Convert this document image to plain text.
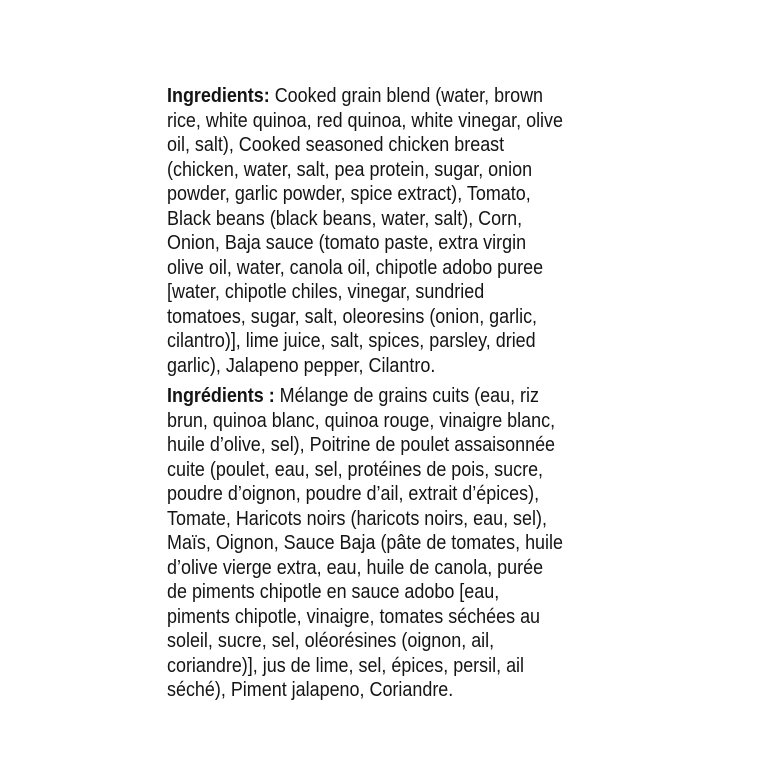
Ingredients: Cooked grain blend (water, brown rice, white quinoa, red quinoa, white vinegar, olive oil, salt), Cooked seasoned chicken breast (chicken, water, salt, pea protein, sugar, onion powder, garlic powder, spice extract), Tomato, Black beans (black beans, water, salt), Corn, Onion, Baja sauce (tomato paste, extra virgin olive oil, water, canola oil, chipotle adobo puree [water, chipotle chiles, vinegar, sundried tomatoes, sugar, salt, oleoresins (onion, garlic, cilantro)], lime juice, salt, spices, parsley, dried garlic), Jalapeno pepper, Cilantro.

Ingrédients : Mélange de grains cuits (eau, riz brun, quinoa blanc, quinoa rouge, vinaigre blanc, huile d’olive, sel), Poitrine de poulet assaisonnée cuite (poulet, eau, sel, protéines de pois, sucre, poudre d’oignon, poudre d’ail, extrait d’épices), Tomate, Haricots noirs (haricots noirs, eau, sel), Maïs, Oignon, Sauce Baja (pâte de tomates, huile d’olive vierge extra, eau, huile de canola, purée de piments chipotle en sauce adobo [eau, piments chipotle, vinaigre, tomates séchées au soleil, sucre, sel, oléorésines (oignon, ail, coriandre)], jus de lime, sel, épices, persil, ail séché), Piment jalapeno, Coriandre.
